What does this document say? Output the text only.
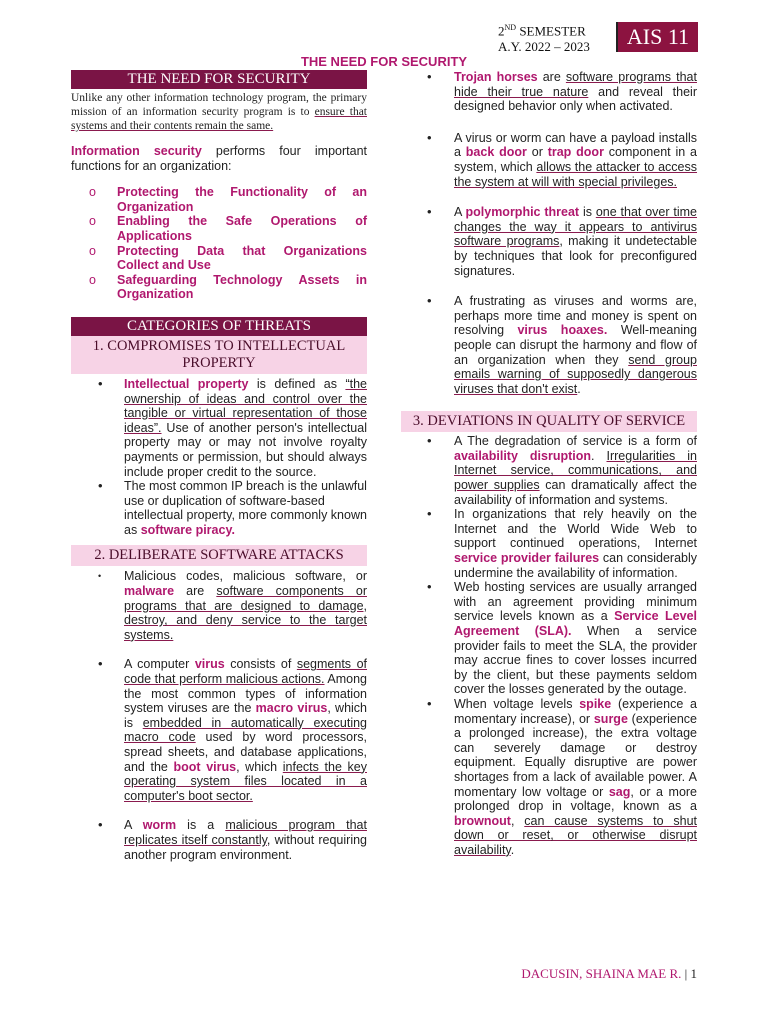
2ND SEMESTER
A.Y. 2022 – 2023	AIS 11
THE NEED FOR SECURITY
THE NEED FOR SECURITY

Unlike any other information technology program, the primary mission of an information security program is to ensure that systems and their contents remain the same.

Information security performs four important functions for an organization:

o Protecting the Functionality of an Organization
o Enabling the Safe Operations of Applications
o Protecting Data that Organizations Collect and Use
o Safeguarding Technology Assets in Organization
CATEGORIES OF THREATS
1. COMPROMISES TO INTELLECTUAL PROPERTY
• Intellectual property is defined as “the ownership of ideas and control over the tangible or virtual representation of those ideas”. Use of another person's intellectual property may or may not involve royalty payments or permission, but should always include proper credit to the source.
• The most common IP breach is the unlawful use or duplication of software-based intellectual property, more commonly known as software piracy.
2. DELIBERATE SOFTWARE ATTACKS
• Malicious codes, malicious software, or malware are software components or programs that are designed to damage, destroy, and deny service to the target systems.
• A computer virus consists of segments of code that perform malicious actions. Among the most common types of information system viruses are the macro virus, which is embedded in automatically executing macro code used by word processors, spread sheets, and database applications, and the boot virus, which infects the key operating system files located in a computer's boot sector.
• A worm is a malicious program that replicates itself constantly, without requiring another program environment.
• Trojan horses are software programs that hide their true nature and reveal their designed behavior only when activated.
• A virus or worm can have a payload installs a back door or trap door component in a system, which allows the attacker to access the system at will with special privileges.
• A polymorphic threat is one that over time changes the way it appears to antivirus software programs, making it undetectable by techniques that look for preconfigured signatures.
• A frustrating as viruses and worms are, perhaps more time and money is spent on resolving virus hoaxes. Well-meaning people can disrupt the harmony and flow of an organization when they send group emails warning of supposedly dangerous viruses that don't exist.
3. DEVIATIONS IN QUALITY OF SERVICE
• A The degradation of service is a form of availability disruption. Irregularities in Internet service, communications, and power supplies can dramatically affect the availability of information and systems.
• In organizations that rely heavily on the Internet and the World Wide Web to support continued operations, Internet service provider failures can considerably undermine the availability of information.
• Web hosting services are usually arranged with an agreement providing minimum service levels known as a Service Level Agreement (SLA). When a service provider fails to meet the SLA, the provider may accrue fines to cover losses incurred by the client, but these payments seldom cover the losses generated by the outage.
• When voltage levels spike (experience a momentary increase), or surge (experience a prolonged increase), the extra voltage can severely damage or destroy equipment. Equally disruptive are power shortages from a lack of available power. A momentary low voltage or sag, or a more prolonged drop in voltage, known as a brownout, can cause systems to shut down or reset, or otherwise disrupt availability.
DACUSIN, SHAINA MAE R. | 1
